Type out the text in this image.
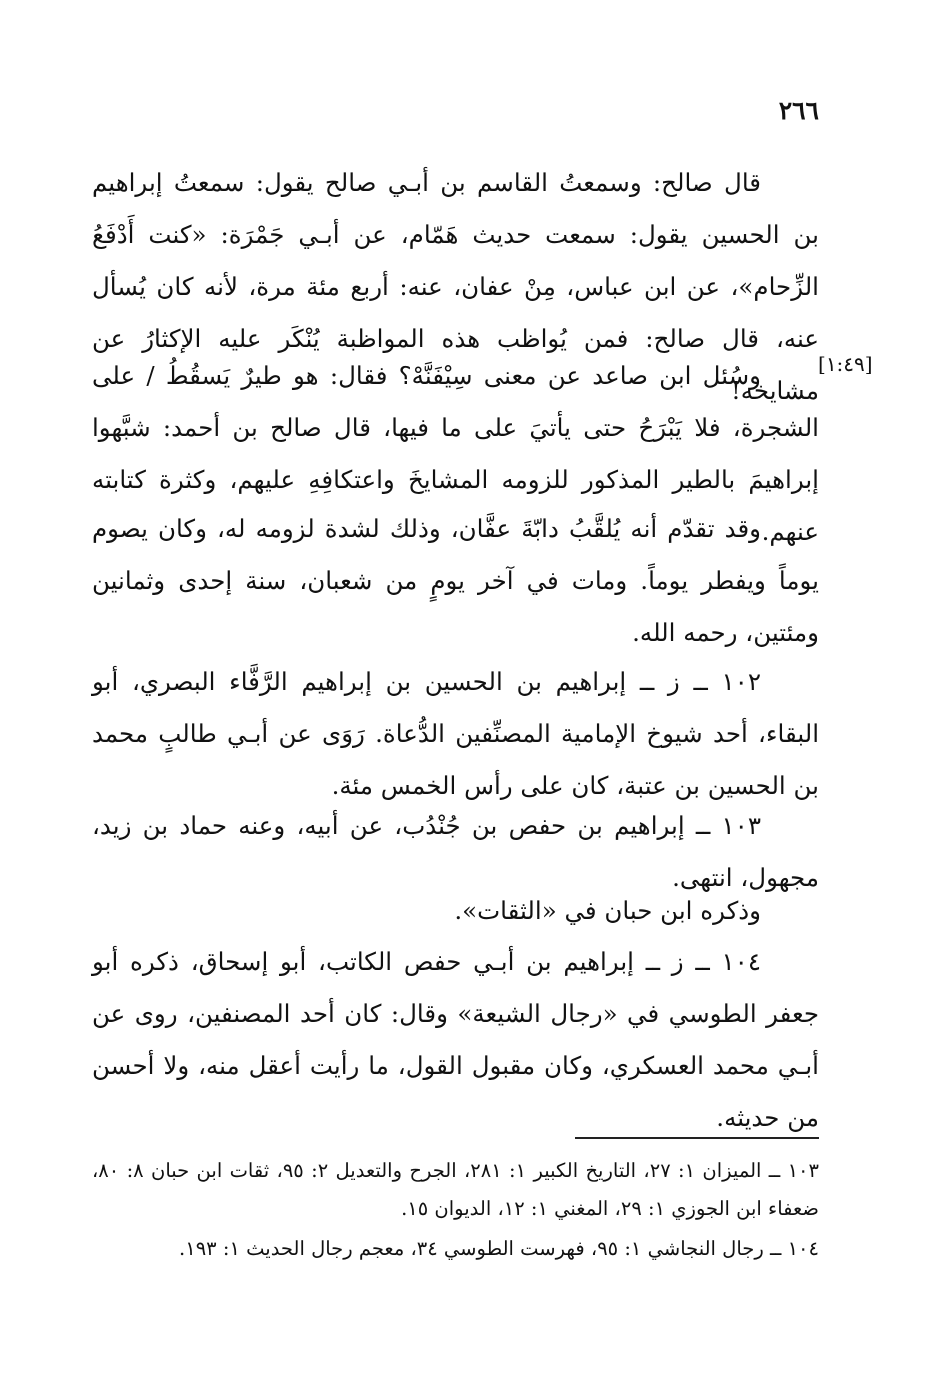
٢٦٦
[١:٤٩]

قال صالح: وسمعتُ القاسم بن أبـي صالح يقول: سمعتُ إبراهيم بن الحسين يقول: سمعت حديث هَمّام، عن أبـي جَمْرَة: «كنت أَدْفَعُ الزِّحام»، عن ابن عباس، مِنْ عفان، عنه: أربع مئة مرة، لأنه كان يُسأل عنه، قال صالح: فمن يُواظب هذه المواظبة يُنْكَر عليه الإكثارُ عن مشايخه!

وسُئل ابن صاعد عن معنى سِيْفَنَّهْ؟ فقال: هو طيرٌ يَسقُطُ / على الشجرة، فلا يَبْرَحُ حتى يأتيَ على ما فيها، قال صالح بن أحمد: شبَّهوا إبراهيمَ بالطير المذكور للزومه المشايخَ واعتكافِهِ عليهم، وكثرة كتابته عنهم.

وقد تقدّم أنه يُلقَّبُ دابّةَ عفَّان، وذلك لشدة لزومه له، وكان يصوم يوماً ويفطر يوماً. ومات في آخر يومٍ من شعبان، سنة إحدى وثمانين ومئتين، رحمه الله.

١٠٢ ــ ز ــ إبراهيم بن الحسين بن إبراهيم الرَّفَّاء البصري، أبو البقاء، أحد شيوخ الإمامية المصنِّفين الدُّعاة. رَوَى عن أبـي طالبٍ محمد بن الحسين بن عتبة، كان على رأس الخمس مئة.

١٠٣ ــ إبراهيم بن حفص بن جُنْدُب، عن أبيه، وعنه حماد بن زيد، مجهول، انتهى.

وذكره ابن حبان في «الثقات».

١٠٤ ــ ز ــ إبراهيم بن أبـي حفص الكاتب، أبو إسحاق، ذكره أبو جعفر الطوسي في «رجال الشيعة» وقال: كان أحد المصنفين، روى عن أبـي محمد العسكري، وكان مقبول القول، ما رأيت أعقل منه، ولا أحسن من حديثه.

١٠٣ ــ الميزان ١: ٢٧، التاريخ الكبير ١: ٢٨١، الجرح والتعديل ٢: ٩٥، ثقات ابن حبان ٨: ٨٠، ضعفاء ابن الجوزي ١: ٢٩، المغني ١: ١٢، الديوان ١٥.

١٠٤ ــ رجال النجاشي ١: ٩٥، فهرست الطوسي ٣٤، معجم رجال الحديث ١: ١٩٣.
